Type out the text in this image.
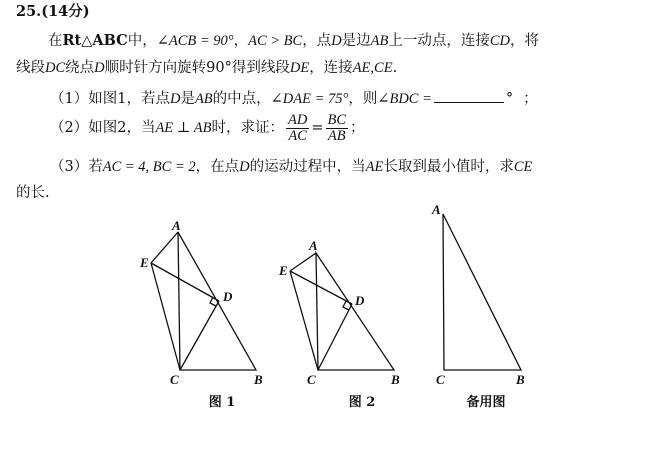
25.(14分)
在Rt△ABC中，∠ACB = 90°，AC > BC，点D是边AB上一动点，连接CD，将
线段DC绕点D顺时针方向旋转90°得到线段DE，连接AE,CE.
（1）如图1，若点D是AB的中点，∠DAE = 75°，则∠BDC =	° ；
（2）如图2，当AE ⊥ AB时，求证： $\frac{AD}{AC} = \frac{BC}{AB}$ ；
（3）若AC = 4, BC = 2，在点D的运动过程中，当AE长取到最小值时，求CE
的长.
A
B
C
D
E
A
B
C
D
E
A
B
C
图 1	图 2	备用图
